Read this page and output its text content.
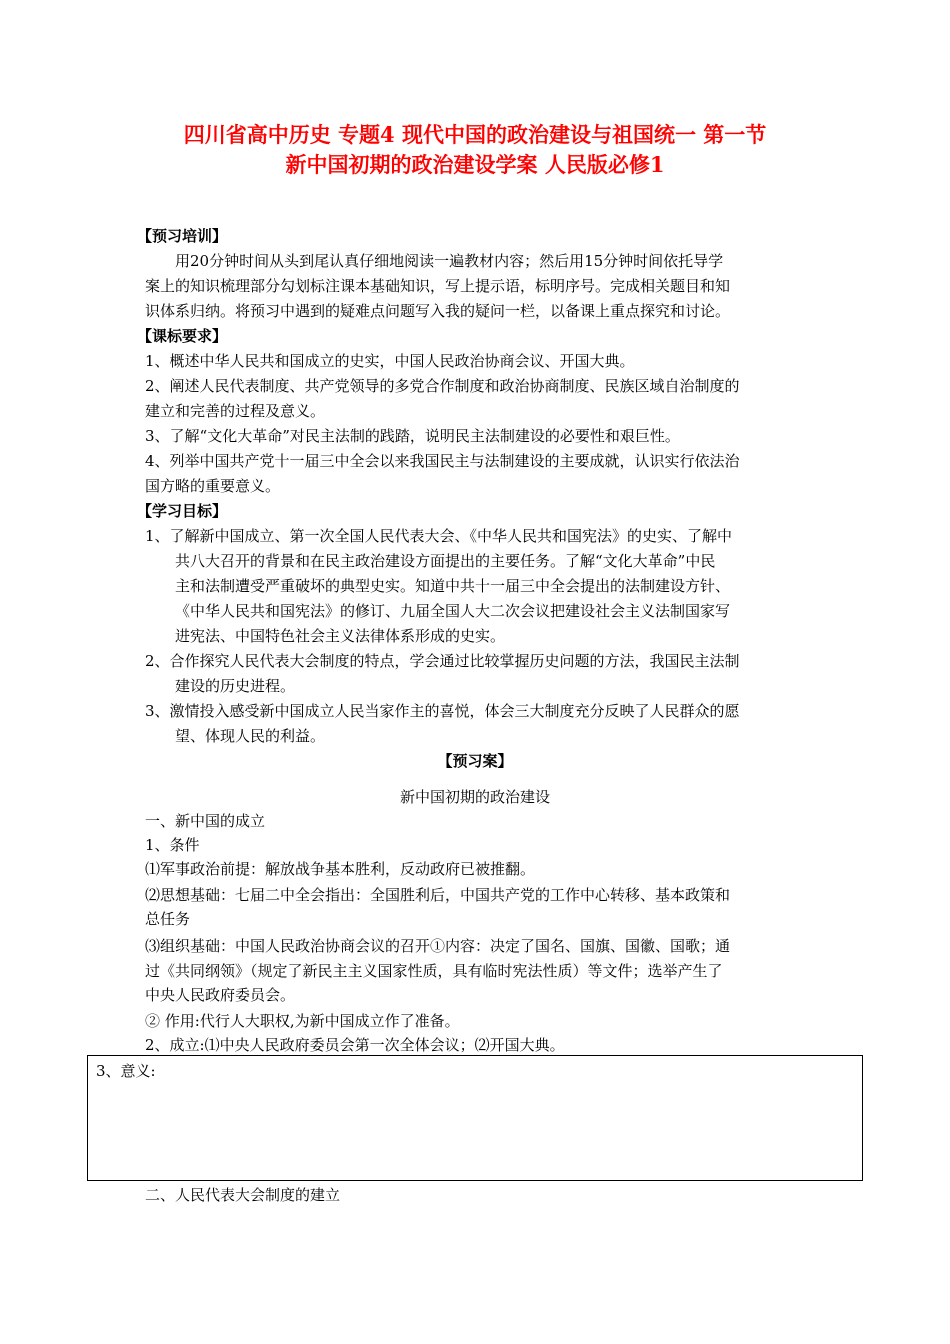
四川省高中历史 专题4 现代中国的政治建设与祖国统一 第一节
新中国初期的政治建设学案 人民版必修1
【预习培训】
用20分钟时间从头到尾认真仔细地阅读一遍教材内容；然后用15分钟时间依托导学
案上的知识梳理部分勾划标注课本基础知识，写上提示语，标明序号。完成相关题目和知
识体系归纳。将预习中遇到的疑难点问题写入我的疑问一栏，以备课上重点探究和讨论。
【课标要求】
1、概述中华人民共和国成立的史实，中国人民政治协商会议、开国大典。
2、阐述人民代表制度、共产党领导的多党合作制度和政治协商制度、民族区域自治制度的
建立和完善的过程及意义。
3、了解“文化大革命”对民主法制的践踏，说明民主法制建设的必要性和艰巨性。
4、列举中国共产党十一届三中全会以来我国民主与法制建设的主要成就，认识实行依法治
国方略的重要意义。
【学习目标】
1、了解新中国成立、第一次全国人民代表大会、《中华人民共和国宪法》的史实、了解中
共八大召开的背景和在民主政治建设方面提出的主要任务。了解“文化大革命”中民
主和法制遭受严重破坏的典型史实。知道中共十一届三中全会提出的法制建设方针、
《中华人民共和国宪法》的修订、九届全国人大二次会议把建设社会主义法制国家写
进宪法、中国特色社会主义法律体系形成的史实。
2、合作探究人民代表大会制度的特点，学会通过比较掌握历史问题的方法，我国民主法制
建设的历史进程。
3、激情投入感受新中国成立人民当家作主的喜悦，体会三大制度充分反映了人民群众的愿
望、体现人民的利益。
【预习案】
新中国初期的政治建设
一、新中国的成立
1、条件
⑴军事政治前提：解放战争基本胜利，反动政府已被推翻。
⑵思想基础：七届二中全会指出：全国胜利后，中国共产党的工作中心转移、基本政策和
总任务
⑶组织基础：中国人民政治协商会议的召开①内容：决定了国名、国旗、国徽、国歌；通
过《共同纲领》（规定了新民主主义国家性质，具有临时宪法性质）等文件；选举产生了
中央人民政府委员会。
② 作用:代行人大职权,为新中国成立作了准备。
2、成立:⑴中央人民政府委员会第一次全体会议；⑵开国大典。
3、意义:
二、人民代表大会制度的建立
